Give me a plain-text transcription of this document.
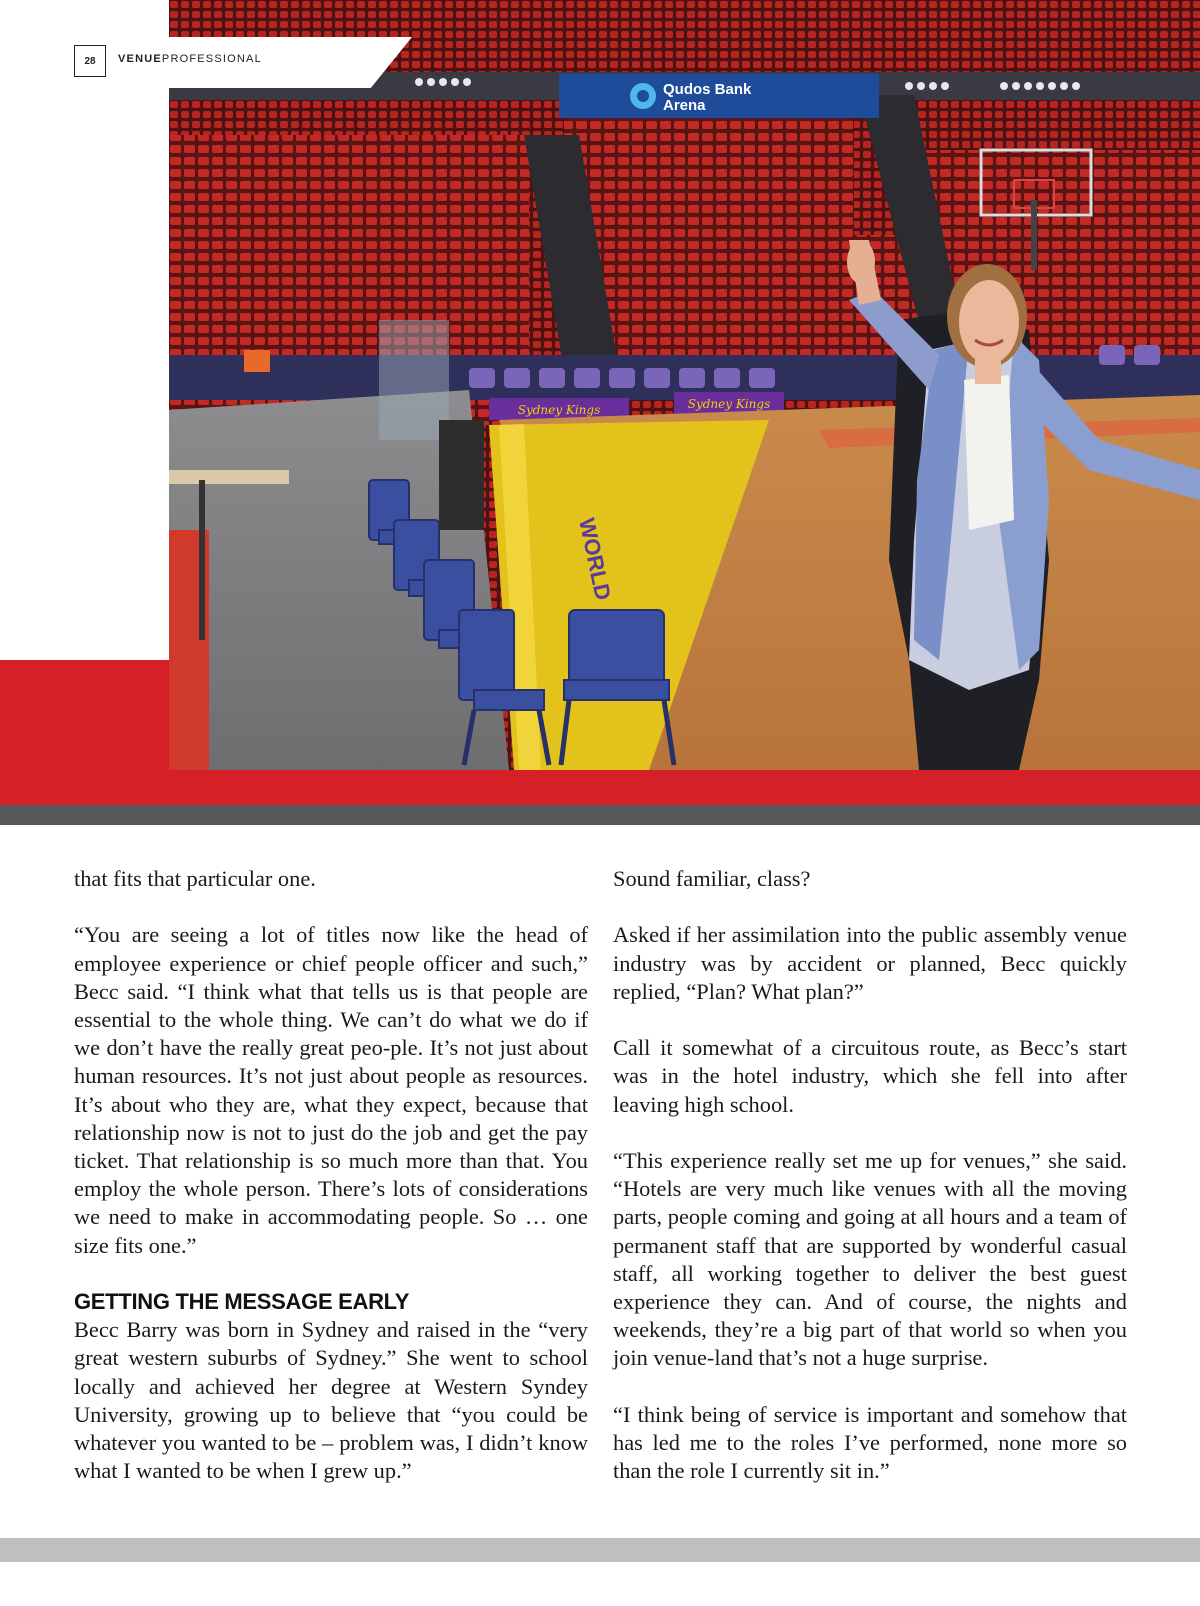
Sydney Kings	Sydney Kings
Qudos Bank
Arena
WORLD
28	VENUEPROFESSIONAL

that fits that particular one.

“You are seeing a lot of titles now like the head of employee experience or chief people officer and such,” Becc said. “I think what that tells us is that people are essential to the whole thing. We can’t do what we do if we don’t have the really great peo-ple. It’s not just about human resources. It’s not just about people as resources. It’s about who they are, what they expect, because that relationship now is not to just do the job and get the pay ticket. That relationship is so much more than that. You employ the whole person. There’s lots of considerations we need to make in accommodating people. So … one size fits one.”

GETTING THE MESSAGE EARLY

Becc Barry was born in Sydney and raised in the “very great western suburbs of Sydney.” She went to school locally and achieved her degree at Western Syndey University, growing up to believe that “you could be whatever you wanted to be – problem was, I didn’t know what I wanted to be when I grew up.”

Sound familiar, class?

Asked if her assimilation into the public assembly venue industry was by accident or planned, Becc quickly replied, “Plan? What plan?”

Call it somewhat of a circuitous route, as Becc’s start was in the hotel industry, which she fell into after leaving high school.

“This experience really set me up for venues,” she said. “Hotels are very much like venues with all the moving parts, people coming and going at all hours and a team of permanent staff that are supported by wonderful casual staff, all working together to deliver the best guest experience they can. And of course, the nights and weekends, they’re a big part of that world so when you join venue-land that’s not a huge surprise.

“I think being of service is important and somehow that has led me to the roles I’ve performed, none more so than the role I currently sit in.”
